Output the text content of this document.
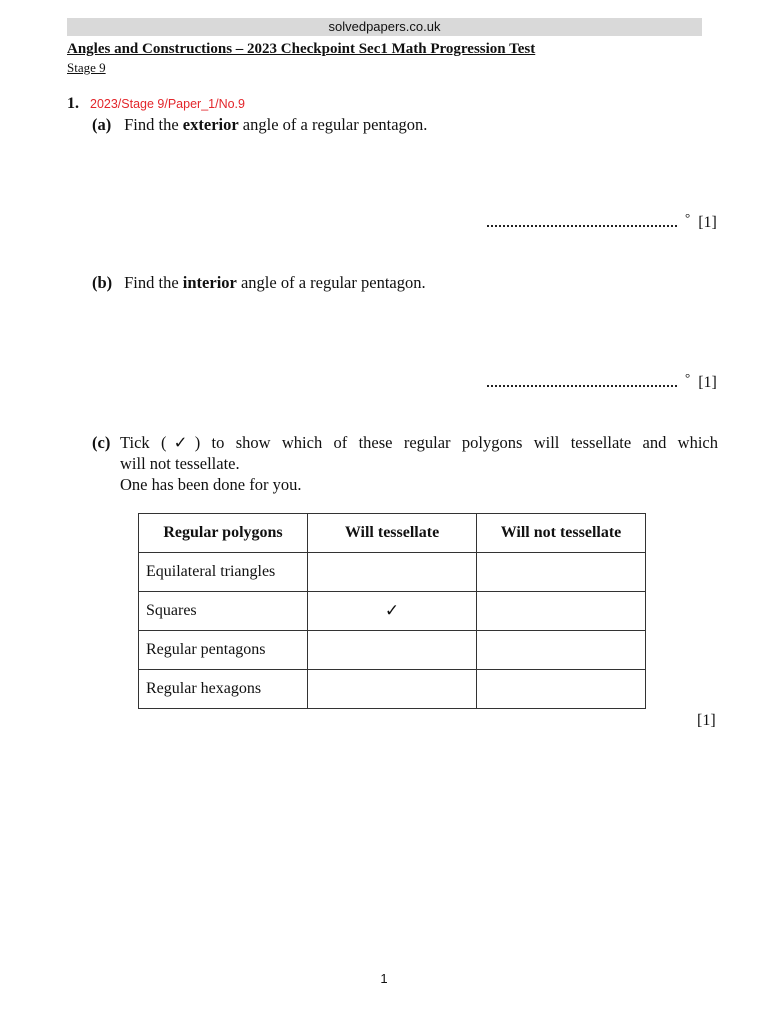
solvedpapers.co.uk
Angles and Constructions – 2023 Checkpoint Sec1 Math Progression Test
Stage 9
1. 2023/Stage 9/Paper_1/No.9
(a) Find the exterior angle of a regular pentagon.
° [1]
(b) Find the interior angle of a regular pentagon.
° [1]
(c) Tick (✓) to show which of these regular polygons will tessellate and which
will not tessellate.
One has been done for you.
Regular polygons	Will tessellate	Will not tessellate
Equilateral triangles		
Squares	✓	
Regular pentagons		
Regular hexagons		
[1]
1
